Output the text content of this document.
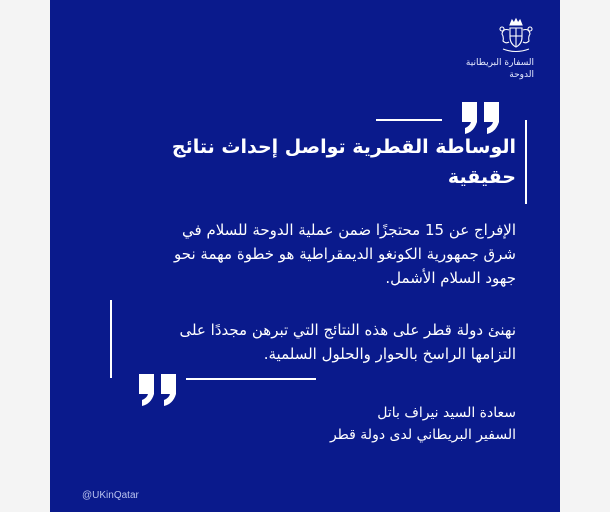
السفارة البريطانية
الدوحة
الوساطة القطرية تواصل إحداث نتائج
حقيقية
الإفراج عن 15 محتجزًا ضمن عملية الدوحة للسلام في
شرق جمهورية الكونغو الديمقراطية هو خطوة مهمة نحو
جهود السلام الأشمل.
نهنئ دولة قطر على هذه النتائج التي تبرهن مجددًا على
التزامها الراسخ بالحوار والحلول السلمية.
سعادة السيد نيراف باتل
السفير البريطاني لدى دولة قطر
@UKinQatar
